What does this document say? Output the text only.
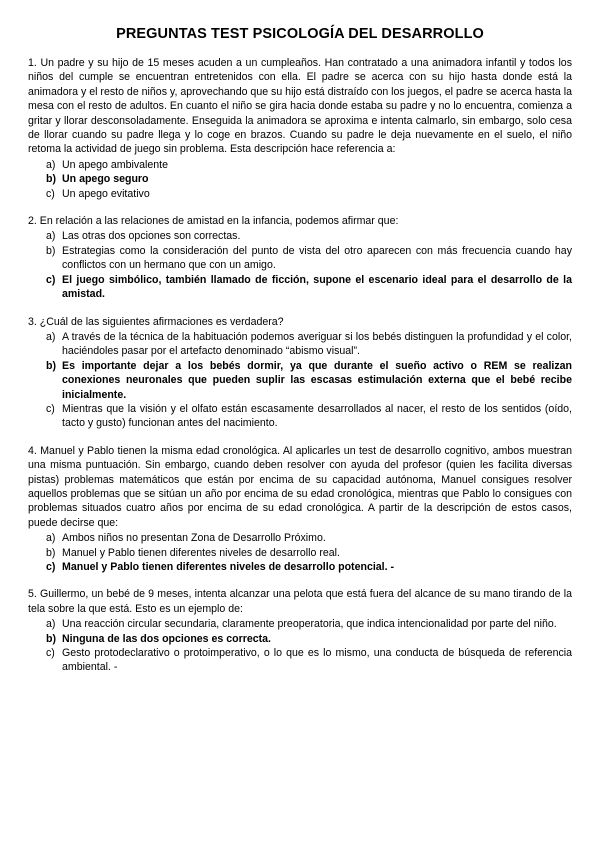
PREGUNTAS TEST PSICOLOGÍA DEL DESARROLLO
1. Un padre y su hijo de 15 meses acuden a un cumpleaños. Han contratado a una animadora infantil y todos los niños del cumple se encuentran entretenidos con ella. El padre se acerca con su hijo hasta donde está la animadora y el resto de niños y, aprovechando que su hijo está distraído con los juegos, el padre se acerca hasta la mesa con el resto de adultos. En cuanto el niño se gira hacia donde estaba su padre y no lo encuentra, comienza a gritar y llorar desconsoladamente. Enseguida la animadora se aproxima e intenta calmarlo, sin embargo, solo cesa de llorar cuando su padre llega y lo coge en brazos. Cuando su padre le deja nuevamente en el suelo, el niño retoma la actividad de juego sin problema. Esta descripción hace referencia a:
a) Un apego ambivalente
b) Un apego seguro
c) Un apego evitativo
2. En relación a las relaciones de amistad en la infancia, podemos afirmar que:
a) Las otras dos opciones son correctas.
b) Estrategias como la consideración del punto de vista del otro aparecen con más frecuencia cuando hay conflictos con un hermano que con un amigo.
c) El juego simbólico, también llamado de ficción, supone el escenario ideal para el desarrollo de la amistad.
3. ¿Cuál de las siguientes afirmaciones es verdadera?
a) A través de la técnica de la habituación podemos averiguar si los bebés distinguen la profundidad y el color, haciéndoles pasar por el artefacto denominado “abismo visual”.
b) Es importante dejar a los bebés dormir, ya que durante el sueño activo o REM se realizan conexiones neuronales que pueden suplir las escasas estimulación externa que el bebé recibe inicialmente.
c) Mientras que la visión y el olfato están escasamente desarrollados al nacer, el resto de los sentidos (oído, tacto y gusto) funcionan antes del nacimiento.
4. Manuel y Pablo tienen la misma edad cronológica. Al aplicarles un test de desarrollo cognitivo, ambos muestran una misma puntuación. Sin embargo, cuando deben resolver con ayuda del profesor (quien les facilita diversas pistas) problemas matemáticos que están por encima de su capacidad autónoma, Manuel consigues resolver aquellos problemas que se sitúan un año por encima de su edad cronológica, mientras que Pablo lo consigues con problemas situados cuatro años por encima de su edad cronológica. A partir de la descripción de estos casos, puede decirse que:
a) Ambos niños no presentan Zona de Desarrollo Próximo.
b) Manuel y Pablo tienen diferentes niveles de desarrollo real.
c) Manuel y Pablo tienen diferentes niveles de desarrollo potencial. -
5. Guillermo, un bebé de 9 meses, intenta alcanzar una pelota que está fuera del alcance de su mano tirando de la tela sobre la que está. Esto es un ejemplo de:
a) Una reacción circular secundaria, claramente preoperatoria, que indica intencionalidad por parte del niño.
b) Ninguna de las dos opciones es correcta.
c) Gesto protodeclarativo o protoimperativo, o lo que es lo mismo, una conducta de búsqueda de referencia ambiental. -
